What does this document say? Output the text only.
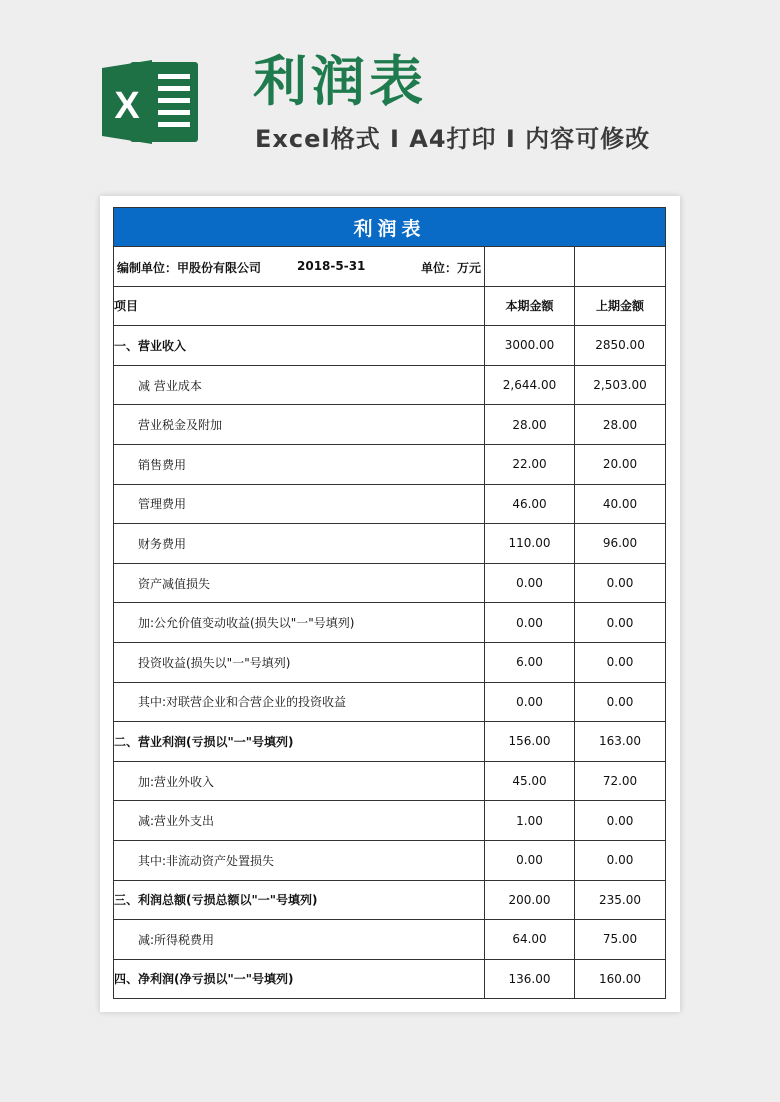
X 利润表
Excel格式 I A4打印 I 内容可修改
利润表		

编制单位：甲股份有限公司 2018-5-31 单位：万元		

项目	本期金额	上期金额
一、营业收入	3000.00	2850.00
减 营业成本	2,644.00	2,503.00
营业税金及附加	28.00	28.00
销售费用	22.00	20.00
管理费用	46.00	40.00
财务费用	110.00	96.00
资产减值损失	0.00	0.00
加:公允价值变动收益(损失以"一"号填列)	0.00	0.00
投资收益(损失以"一"号填列)	6.00	0.00
其中:对联营企业和合营企业的投资收益	0.00	0.00
二、营业利润(亏损以"一"号填列)	156.00	163.00
加:营业外收入	45.00	72.00
减:营业外支出	1.00	0.00
其中:非流动资产处置损失	0.00	0.00
三、利润总额(亏损总额以"一"号填列)	200.00	235.00
减:所得税费用	64.00	75.00
四、净利润(净亏损以"一"号填列)	136.00	160.00
